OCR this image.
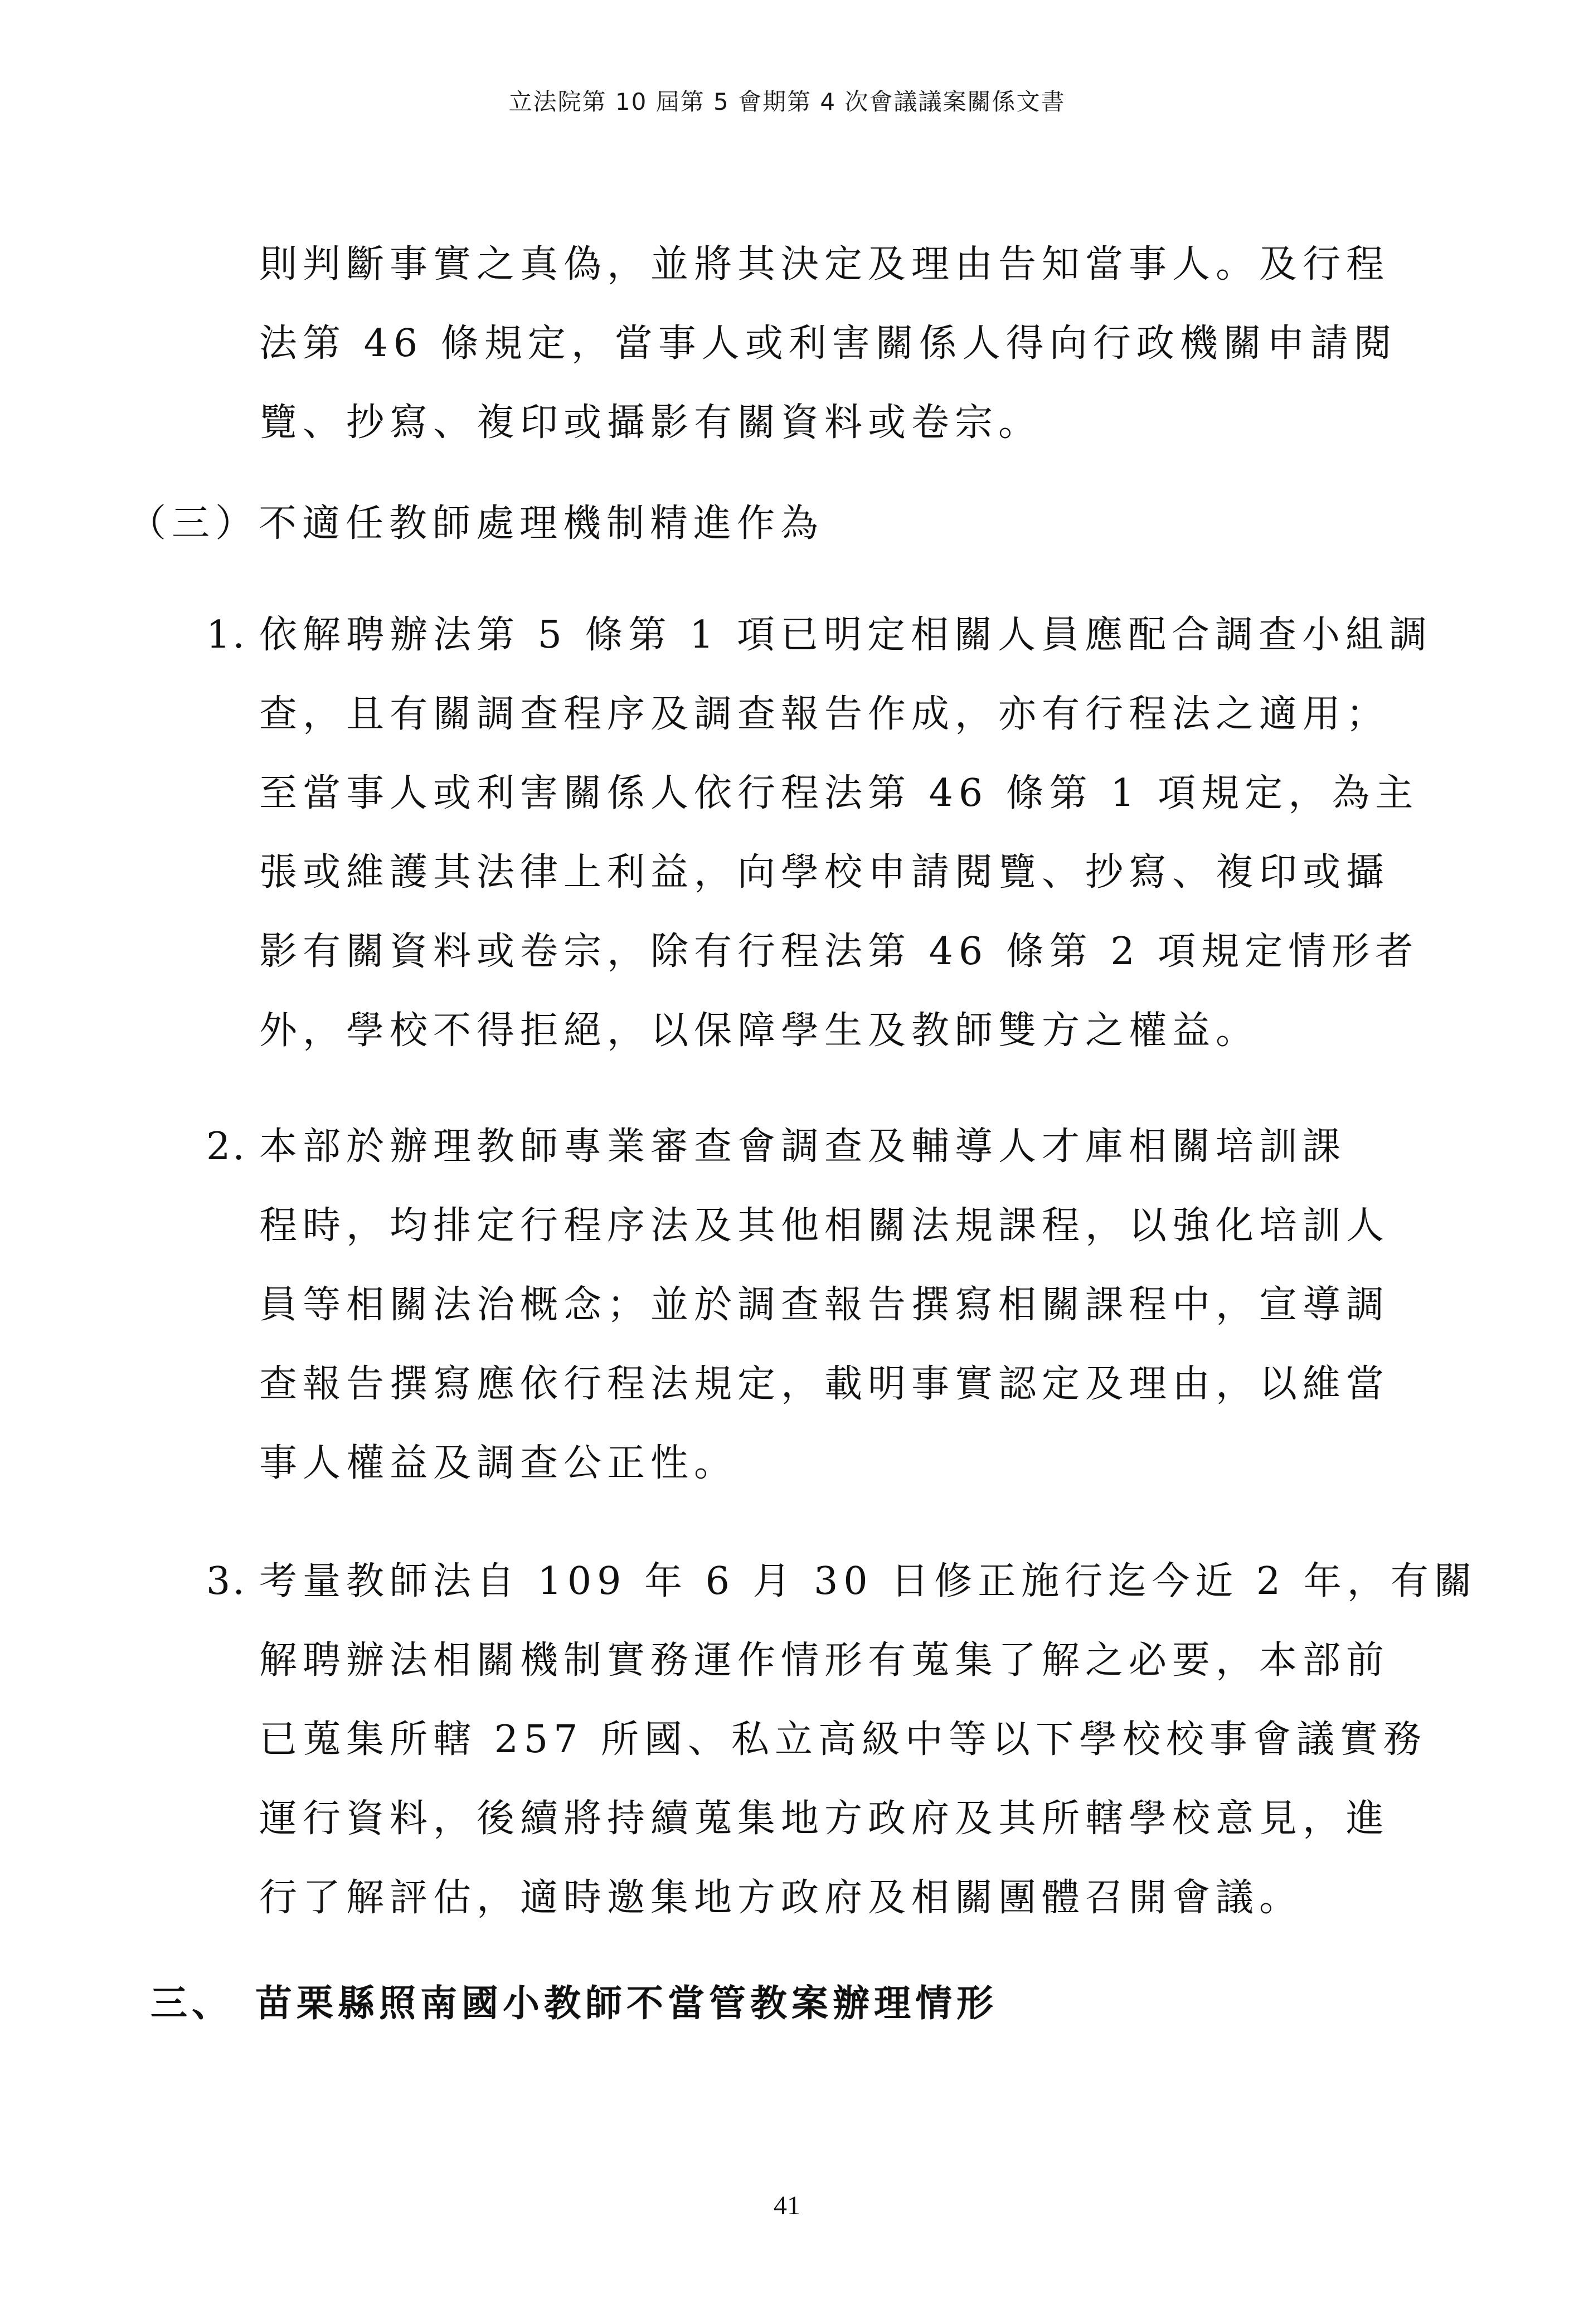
立法院第 10 屆第 5 會期第 4 次會議議案關係文書
則判斷事實之真偽，並將其決定及理由告知當事人。及行程
法第 46 條規定，當事人或利害關係人得向行政機關申請閱
覽、抄寫、複印或攝影有關資料或卷宗。
（三）不適任教師處理機制精進作為
1. 依解聘辦法第 5 條第 1 項已明定相關人員應配合調查小組調
查，且有關調查程序及調查報告作成，亦有行程法之適用；
至當事人或利害關係人依行程法第 46 條第 1 項規定，為主
張或維護其法律上利益，向學校申請閱覽、抄寫、複印或攝
影有關資料或卷宗，除有行程法第 46 條第 2 項規定情形者
外，學校不得拒絕，以保障學生及教師雙方之權益。
2. 本部於辦理教師專業審查會調查及輔導人才庫相關培訓課
程時，均排定行程序法及其他相關法規課程，以強化培訓人
員等相關法治概念；並於調查報告撰寫相關課程中，宣導調
查報告撰寫應依行程法規定，載明事實認定及理由，以維當
事人權益及調查公正性。
3. 考量教師法自 109 年 6 月 30 日修正施行迄今近 2 年，有關
解聘辦法相關機制實務運作情形有蒐集了解之必要，本部前
已蒐集所轄 257 所國、私立高級中等以下學校校事會議實務
運行資料，後續將持續蒐集地方政府及其所轄學校意見，進
行了解評估，適時邀集地方政府及相關團體召開會議。
三、 苗栗縣照南國小教師不當管教案辦理情形
41
